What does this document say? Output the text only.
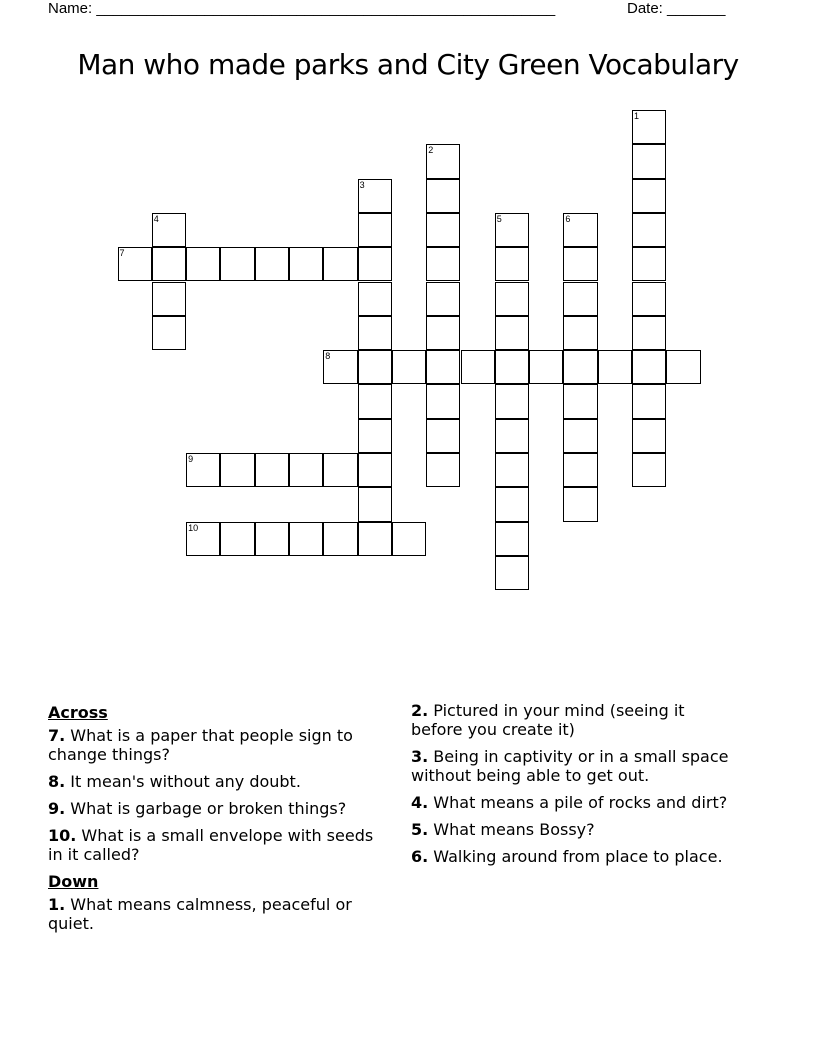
Name: _______________________________________________________	Date: _______
Man who made parks and City Green Vocabulary
1
2
3
4	5	6
7
8
9
10
Across
7. What is a paper that people sign to change things?
8. It mean's without any doubt.
9. What is garbage or broken things?
10. What is a small envelope with seeds in it called?
Down
1. What means calmness, peaceful or quiet.
2. Pictured in your mind (seeing it before you create it)
3. Being in captivity or in a small space without being able to get out.
4. What means a pile of rocks and dirt?
5. What means Bossy?
6. Walking around from place to place.
